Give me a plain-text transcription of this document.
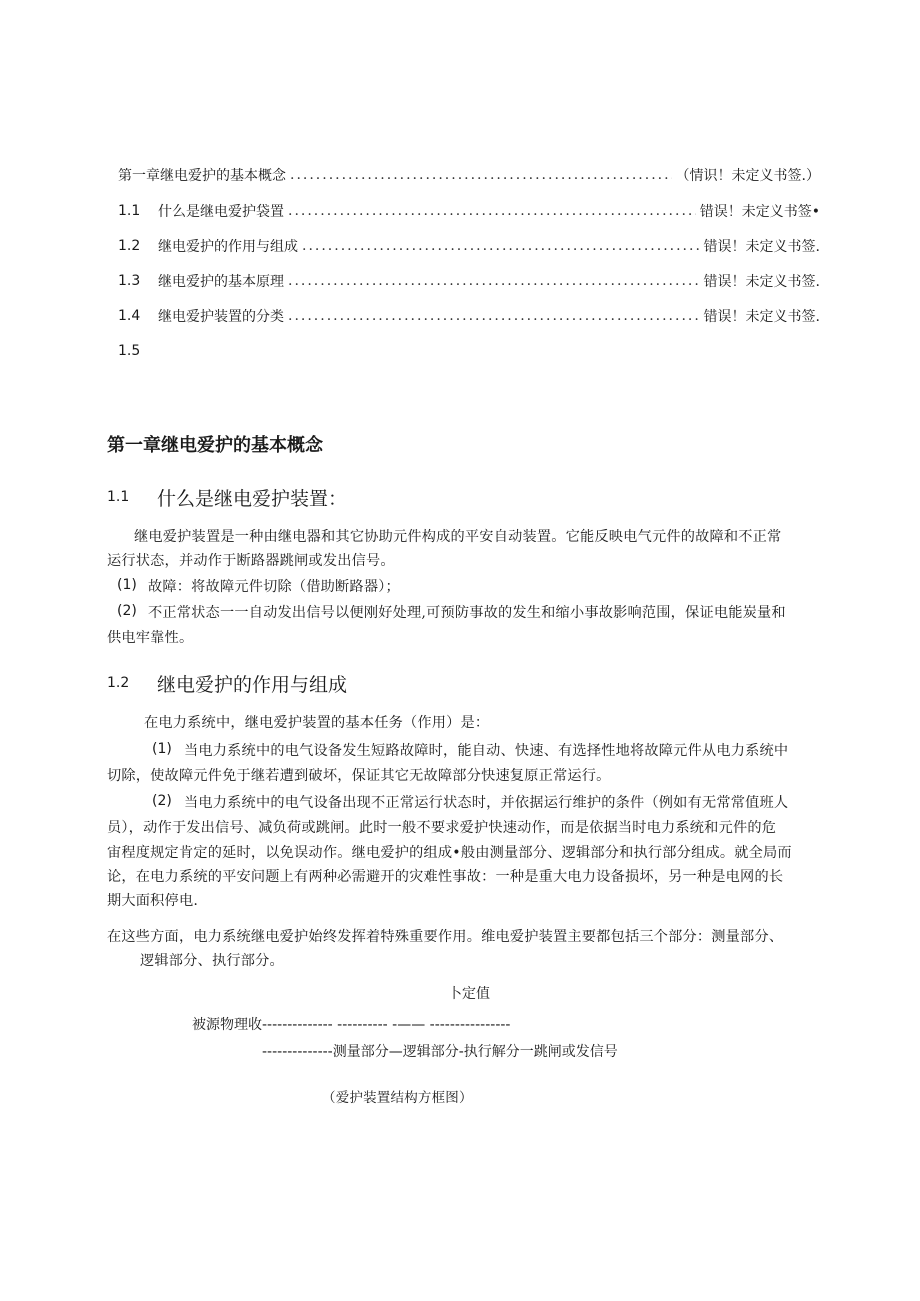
第一章继电爱护的基本概念 .....	（情识！未定义书签.）
1.1	什么是继电爱护袋置 .....	错误！未定义书签•
1.2	继电爱护的作用与组成 .....	错误！未定义书签.
1.3	继电爱护的基本原理 .....	错误！未定义书签.
1.4	继电爱护装置的分类 .....	错误！未定义书签.
1.5
第一章继电爱护的基本概念
1.1 什么是继电爱护装置：
继电爱护装置是一种由继电器和其它协助元件构成的平安自动装置。它能反映电气元件的故障和不正常
运行状态，并动作于断路器跳闸或发出信号。
(1) 故障：将故障元件切除（借助断路器）；
(2) 不正常状态一一自动发出信号以便刚好处理,可预防事故的发生和缩小事故影响范围，保证电能炭量和
供电牢靠性。
1.2 继电爱护的作用与组成
在电力系统中，继电爱护装置的基本任务（作用）是：
(1) 当电力系统中的电气设备发生短路故障时，能自动、快速、有选择性地将故障元件从电力系统中
切除，使故障元件免于继若遭到破坏，保证其它无故障部分快速复原正常运行。
(2) 当电力系统中的电气设备出现不正常运行状态时，并依据运行维护的条件（例如有无常常值班人
员），动作于发出信号、减负荷或跳闸。此时一般不要求爱护快速动作，而是依据当时电力系统和元件的危
宙程度规定肯定的延时，以免误动作。继电爱护的组成•般由测量部分、逻辑部分和执行部分组成。就全局而
论，在电力系统的平安问题上有两种必需避开的灾难性事故：一种是重大电力设备损坏，另一种是电网的长
期大面积停电.
在这些方面，电力系统继电爱护始终发挥着特殊重要作用。维电爱护装置主要都包括三个部分：测量部分、
逻辑部分、执行部分。
卜定值
被源物理收-------------- ---------- -—— ----------------
--------------测量部分—逻辑部分-执行解分一跳闸或发信号
（爱护装置结构方框图）
